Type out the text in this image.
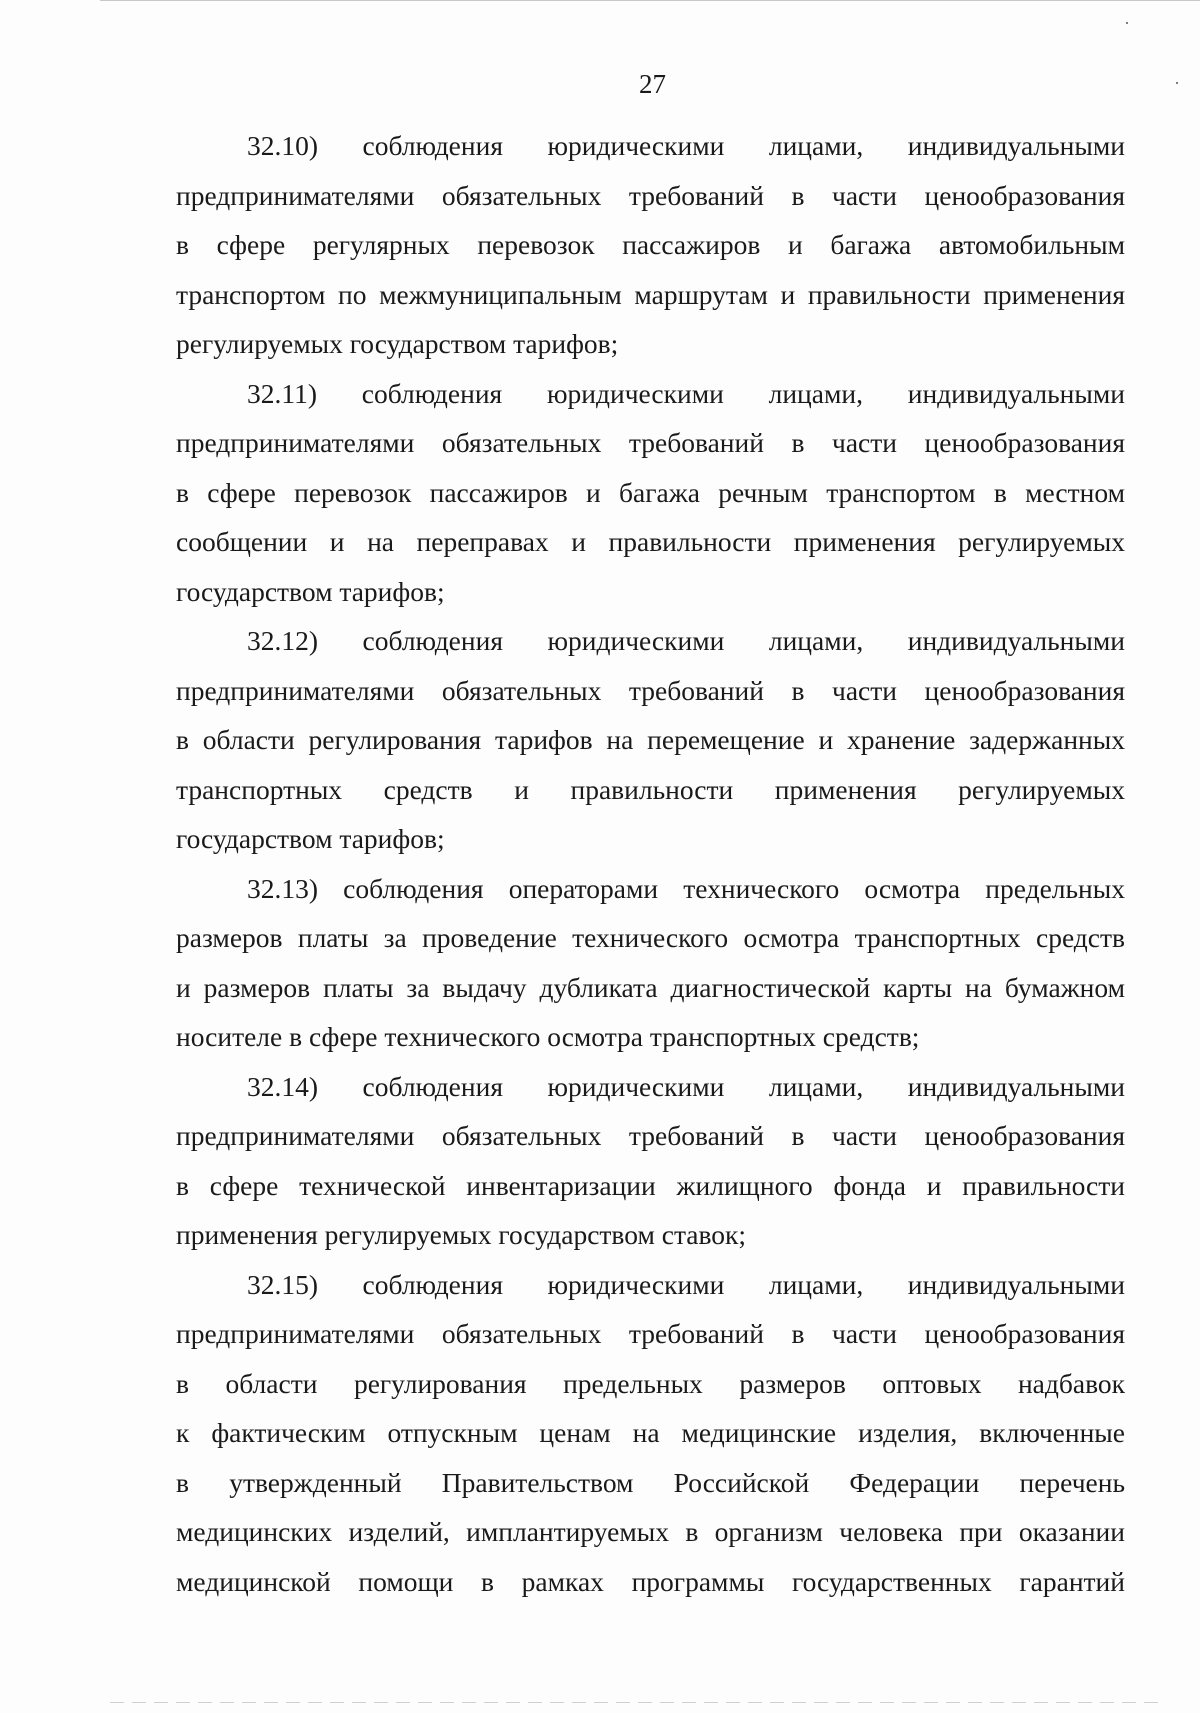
27
32.10) соблюдения юридическими лицами, индивидуальными
предпринимателями обязательных требований в части ценообразования
в сфере регулярных перевозок пассажиров и багажа автомобильным
транспортом по межмуниципальным маршрутам и правильности применения
регулируемых государством тарифов;
32.11) соблюдения юридическими лицами, индивидуальными
предпринимателями обязательных требований в части ценообразования
в сфере перевозок пассажиров и багажа речным транспортом в местном
сообщении и на переправах и правильности применения регулируемых
государством тарифов;
32.12) соблюдения юридическими лицами, индивидуальными
предпринимателями обязательных требований в части ценообразования
в области регулирования тарифов на перемещение и хранение задержанных
транспортных средств и правильности применения регулируемых
государством тарифов;
32.13) соблюдения операторами технического осмотра предельных
размеров платы за проведение технического осмотра транспортных средств
и размеров платы за выдачу дубликата диагностической карты на бумажном
носителе в сфере технического осмотра транспортных средств;
32.14) соблюдения юридическими лицами, индивидуальными
предпринимателями обязательных требований в части ценообразования
в сфере технической инвентаризации жилищного фонда и правильности
применения регулируемых государством ставок;
32.15) соблюдения юридическими лицами, индивидуальными
предпринимателями обязательных требований в части ценообразования
в области регулирования предельных размеров оптовых надбавок
к фактическим отпускным ценам на медицинские изделия, включенные
в утвержденный Правительством Российской Федерации перечень
медицинских изделий, имплантируемых в организм человека при оказании
медицинской помощи в рамках программы государственных гарантий
